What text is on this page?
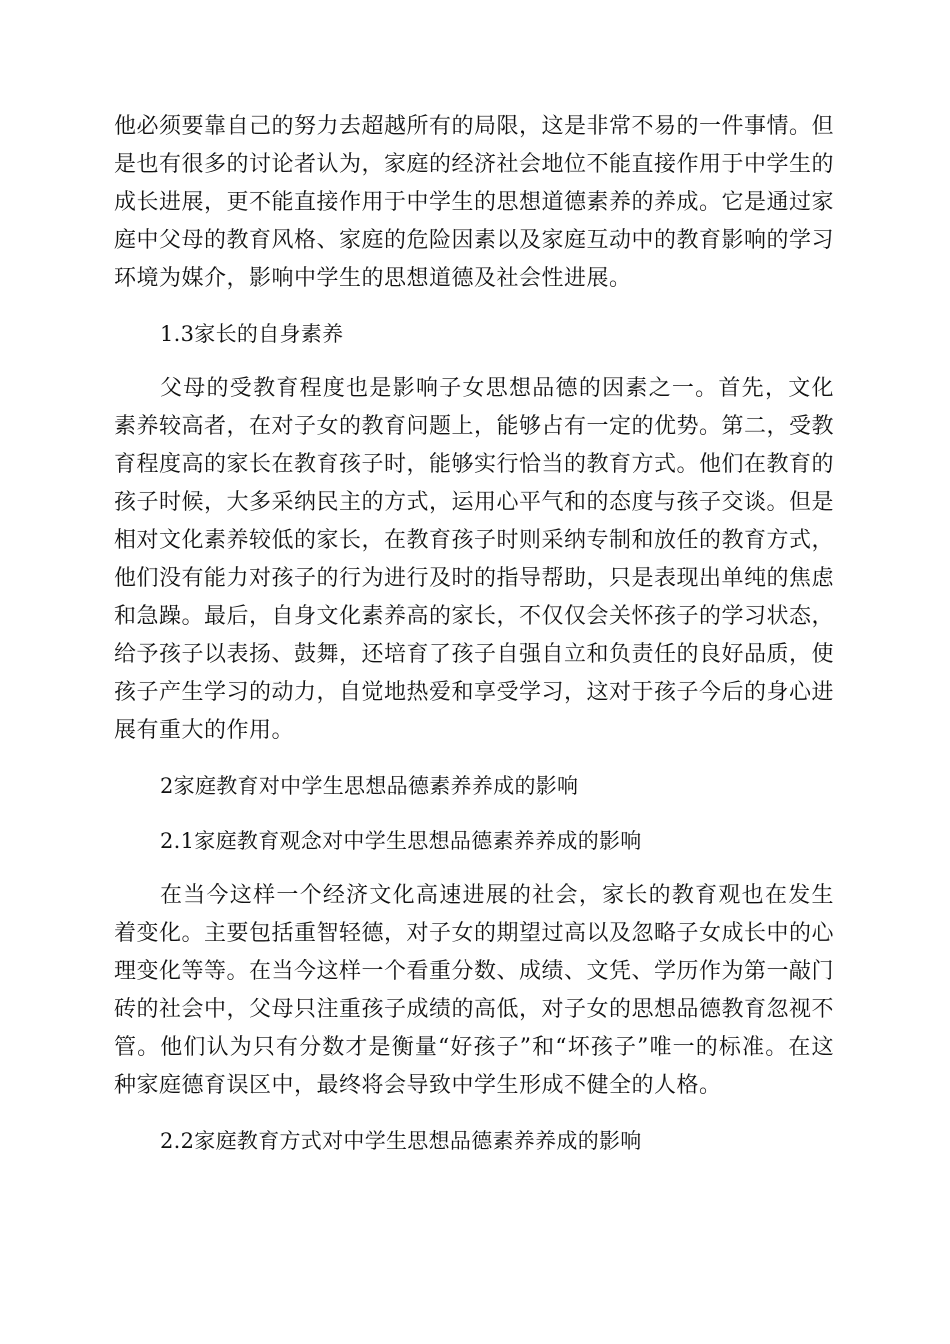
他必须要靠自己的努力去超越所有的局限，这是非常不易的一件事情。但是也有很多的讨论者认为，家庭的经济社会地位不能直接作用于中学生的成长进展，更不能直接作用于中学生的思想道德素养的养成。它是通过家庭中父母的教育风格、家庭的危险因素以及家庭互动中的教育影响的学习环境为媒介，影响中学生的思想道德及社会性进展。

1.3家长的自身素养

父母的受教育程度也是影响子女思想品德的因素之一。首先，文化素养较高者，在对子女的教育问题上，能够占有一定的优势。第二，受教育程度高的家长在教育孩子时，能够实行恰当的教育方式。他们在教育的孩子时候，大多采纳民主的方式，运用心平气和的态度与孩子交谈。但是相对文化素养较低的家长，在教育孩子时则采纳专制和放任的教育方式，他们没有能力对孩子的行为进行及时的指导帮助，只是表现出单纯的焦虑和急躁。最后，自身文化素养高的家长，不仅仅会关怀孩子的学习状态，给予孩子以表扬、鼓舞，还培育了孩子自强自立和负责任的良好品质，使孩子产生学习的动力，自觉地热爱和享受学习，这对于孩子今后的身心进展有重大的作用。

2家庭教育对中学生思想品德素养养成的影响

2.1家庭教育观念对中学生思想品德素养养成的影响

在当今这样一个经济文化高速进展的社会，家长的教育观也在发生着变化。主要包括重智轻德，对子女的期望过高以及忽略子女成长中的心理变化等等。在当今这样一个看重分数、成绩、文凭、学历作为第一敲门砖的社会中，父母只注重孩子成绩的高低，对子女的思想品德教育忽视不管。他们认为只有分数才是衡量“好孩子”和“坏孩子”唯一的标准。在这种家庭德育误区中，最终将会导致中学生形成不健全的人格。

2.2家庭教育方式对中学生思想品德素养养成的影响
